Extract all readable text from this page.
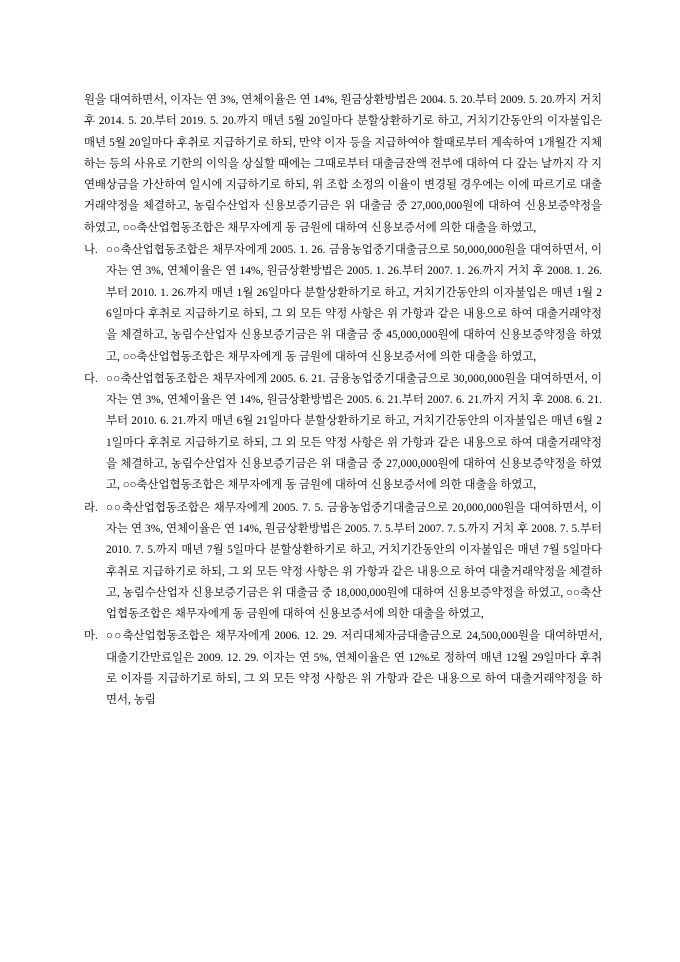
원을 대여하면서, 이자는 연 3%, 연체이율은 연 14%, 원금상환방법은 2004. 5. 20.부터 2009. 5. 20.까지 거치 후 2014. 5. 20.부터 2019. 5. 20.까지 매년 5월 20일마다 분할상환하기로 하고, 거치기간동안의 이자불입은 매년 5월 20일마다 후취로 지급하기로 하되, 만약 이자 등을 지급하여야 할때로부터 계속하여 1개월간 지체하는 등의 사유로 기한의 이익을 상실할 때에는 그때로부터 대출금잔액 전부에 대하여 다 갚는 날까지 각 지연배상금을 가산하여 일시에 지급하기로 하되, 위 조합 소정의 이율이 변경될 경우에는 이에 따르기로 대출거래약정을 체결하고, 농림수산업자 신용보증기금은 위 대출금 중 27,000,000원에 대하여 신용보증약정을 하였고, ○○축산업협동조합은 채무자에게 동 금원에 대하여 신용보증서에 의한 대출을 하였고,
나. ○○축산업협동조합은 채무자에게 2005. 1. 26. 금융농업중기대출금으로 50,000,000원을 대여하면서, 이자는 연 3%, 연체이율은 연 14%, 원금상환방법은 2005. 1. 26.부터 2007. 1. 26.까지 거치 후 2008. 1. 26.부터 2010. 1. 26.까지 매년 1월 26일마다 분할상환하기로 하고, 거치기간동안의 이자불입은 매년 1월 26일마다 후취로 지급하기로 하되, 그 외 모든 약정 사항은 위 가항과 같은 내용으로 하여 대출거래약정을 체결하고, 농림수산업자 신용보증기금은 위 대출금 중 45,000,000원에 대하여 신용보증약정을 하였고, ○○축산업협동조합은 채무자에게 동 금원에 대하여 신용보증서에 의한 대출을 하였고,
다. ○○축산업협동조합은 채무자에게 2005. 6. 21. 금융농업중기대출금으로 30,000,000원을 대여하면서, 이자는 연 3%, 연체이율은 연 14%, 원금상환방법은 2005. 6. 21.부터 2007. 6. 21.까지 거치 후 2008. 6. 21.부터 2010. 6. 21.까지 매년 6월 21일마다 분할상환하기로 하고, 거치기간동안의 이자불입은 매년 6월 21일마다 후취로 지급하기로 하되, 그 외 모든 약정 사항은 위 가항과 같은 내용으로 하여 대출거래약정을 체결하고, 농림수산업자 신용보증기금은 위 대출금 중 27,000,000원에 대하여 신용보증약정을 하였고, ○○축산업협동조합은 채무자에게 동 금원에 대하여 신용보증서에 의한 대출을 하였고,
라. ○○축산업협동조합은 채무자에게 2005. 7. 5. 금융농업중기대출금으로 20,000,000원을 대여하면서, 이자는 연 3%, 연체이율은 연 14%, 원금상환방법은 2005. 7. 5.부터 2007. 7. 5.까지 거치 후 2008. 7. 5.부터 2010. 7. 5.까지 매년 7월 5일마다 분할상환하기로 하고, 거치기간동안의 이자불입은 매년 7월 5일마다 후취로 지급하기로 하되, 그 외 모든 약정 사항은 위 가항과 같은 내용으로 하여 대출거래약정을 체결하고, 농림수산업자 신용보증기금은 위 대출금 중 18,000,000원에 대하여 신용보증약정을 하였고, ○○축산업협동조합은 채무자에게 동 금원에 대하여 신용보증서에 의한 대출을 하였고,
마. ○○축산업협동조합은 채무자에게 2006. 12. 29. 저리대체자금대출금으로 24,500,000원을 대여하면서, 대출기간만료일은 2009. 12. 29. 이자는 연 5%, 연체이율은 연 12%로 정하여 매년 12월 29일마다 후취로 이자를 지급하기로 하되, 그 외 모든 약정 사항은 위 가항과 같은 내용으로 하여 대출거래약정을 하면서, 농림
